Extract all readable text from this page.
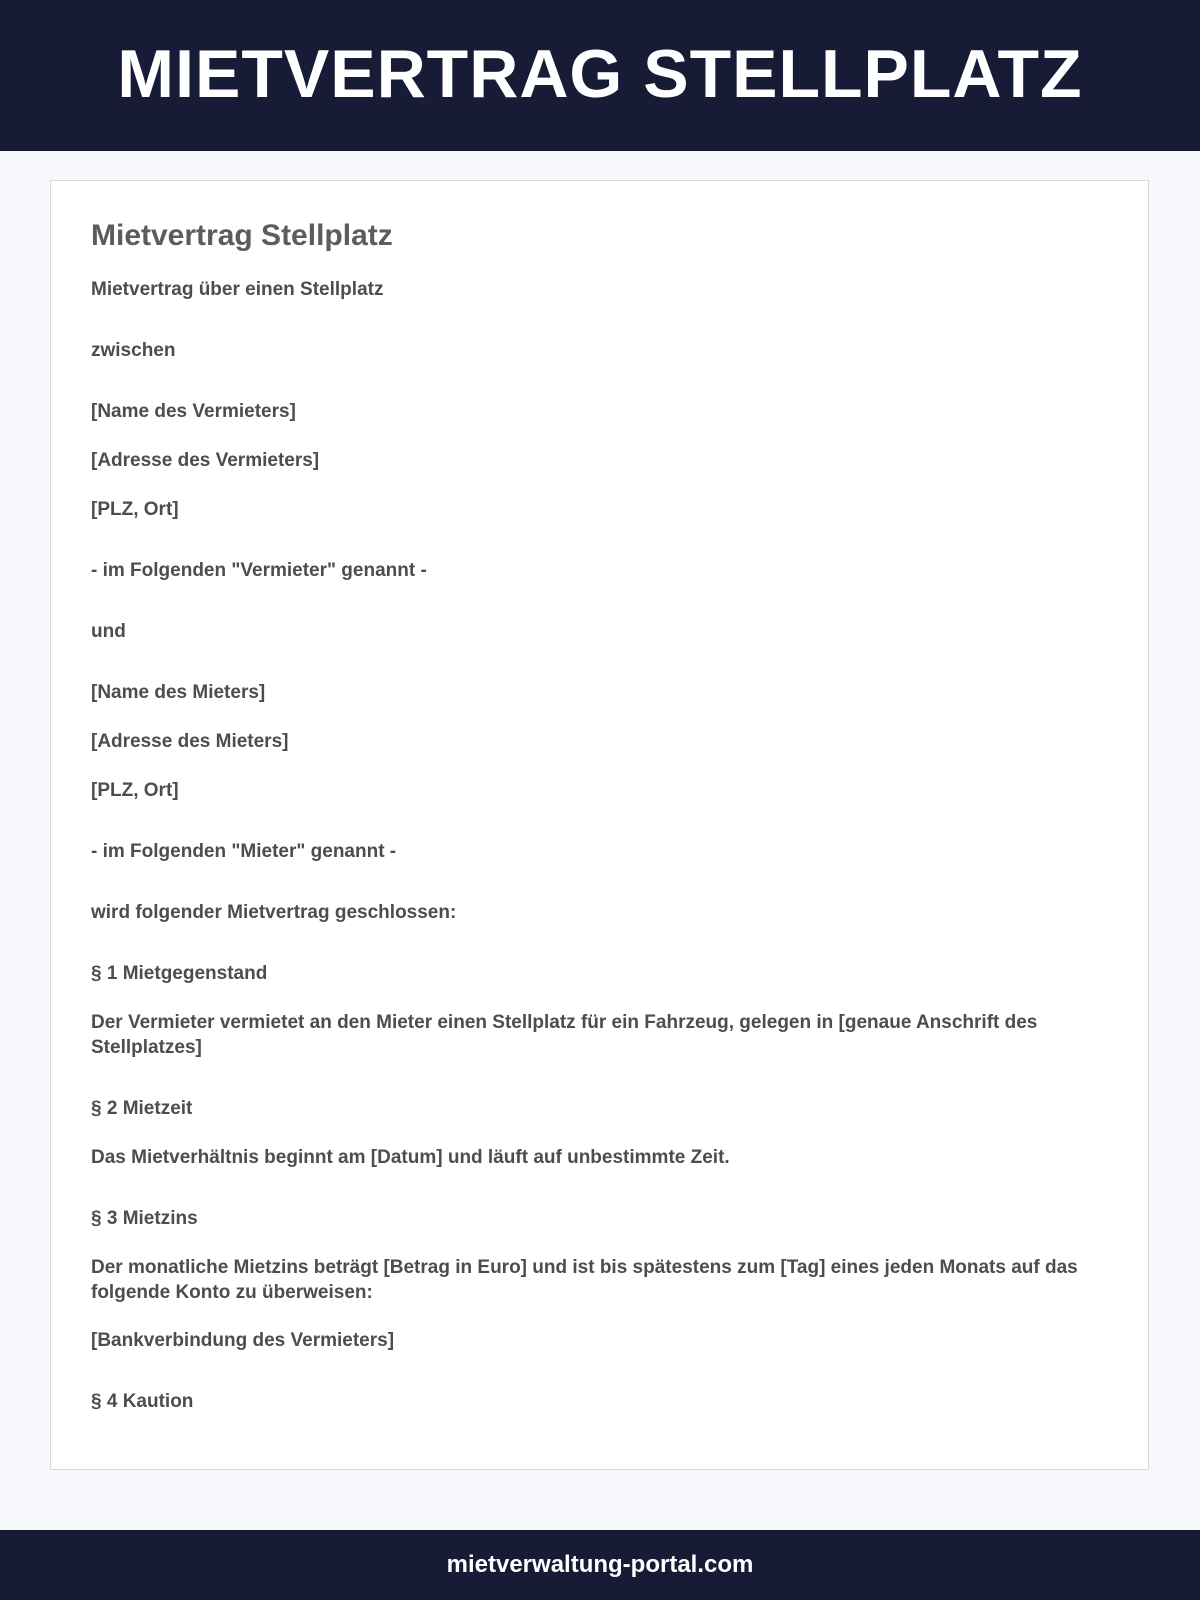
MIETVERTRAG STELLPLATZ
Mietvertrag Stellplatz

Mietvertrag über einen Stellplatz

zwischen

[Name des Vermieters]

[Adresse des Vermieters]

[PLZ, Ort]

- im Folgenden "Vermieter" genannt -

und

[Name des Mieters]

[Adresse des Mieters]

[PLZ, Ort]

- im Folgenden "Mieter" genannt -

wird folgender Mietvertrag geschlossen:

§ 1 Mietgegenstand

Der Vermieter vermietet an den Mieter einen Stellplatz für ein Fahrzeug, gelegen in [genaue Anschrift des Stellplatzes]

§ 2 Mietzeit

Das Mietverhältnis beginnt am [Datum] und läuft auf unbestimmte Zeit.

§ 3 Mietzins

Der monatliche Mietzins beträgt [Betrag in Euro] und ist bis spätestens zum [Tag] eines jeden Monats auf das folgende Konto zu überweisen:

[Bankverbindung des Vermieters]

§ 4 Kaution

mietverwaltung-portal.com
